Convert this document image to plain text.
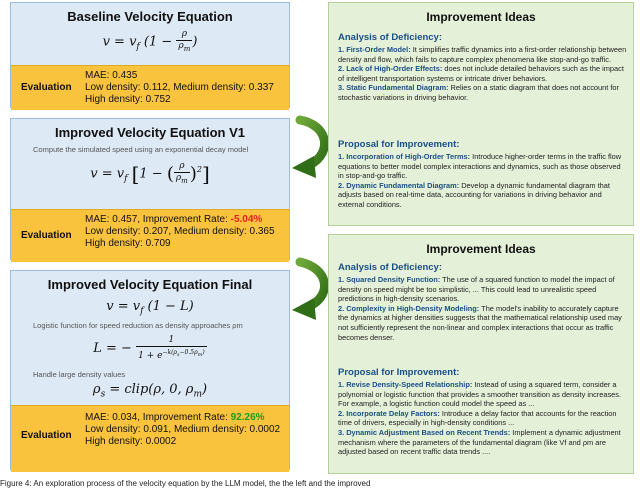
Baseline Velocity Equation
$v = v_f$ ($1 - \frac{\rho}{\rho_m}$ )
Evaluation
MAE: 0.435
Low density: 0.112, Medium density: 0.337
High density: 0.752
Improved Velocity Equation V1
Compute the simulated speed using an exponential decay model
$v = v_f$ [1 − ( $\frac{\rho}{\rho_m} )^2$]
Evaluation
MAE: 0.457, Improvement Rate: -5.04%
Low density: 0.207, Medium density: 0.365
High density: 0.709
Improved Velocity Equation Final
$v = v_f$ (1 − L)
Logistic function for speed reduction as density approaches ρm
L = − $\frac{1}{1 + e^{-k(\rho_s-0.5\rho_m)}}$
Handle large density values
$\rho_s$ = clip(ρ, 0, $\rho_m$)
Evaluation
MAE: 0.034, Improvement Rate: 92.26%
Low density: 0.091, Medium density: 0.0002
High density: 0.0002
Improvement Ideas
Analysis of Deficiency:
1. First-Order Model: It simplifies traffic dynamics into a first-order relationship between density and flow, which fails to capture complex phenomena like stop-and-go traffic.
2. Lack of High-Order Effects: does not include detailed behaviors such as the impact of intelligent transportation systems or intricate driver behaviors.
3. Static Fundamental Diagram: Relies on a static diagram that does not account for stochastic variations in driving behavior.
Proposal for Improvement:
1. Incorporation of High-Order Terms: Introduce higher-order terms in the traffic flow equations to better model complex interactions and dynamics, such as those observed in stop-and-go traffic.
2. Dynamic Fundamental Diagram: Develop a dynamic fundamental diagram that adjusts based on real-time data, accounting for variations in driving behavior and external conditions.
Improvement Ideas
Analysis of Deficiency:
1. Squared Density Function: The use of a squared function to model the impact of density on speed might be too simplistic, ... This could lead to unrealistic speed predictions in high-density scenarios.
2. Complexity in High-Density Modeling: The model's inability to accurately capture the dynamics at higher densities suggests that the mathematical relationship used may not sufficiently represent the non-linear and complex interactions that occur as traffic becomes denser.
Proposal for Improvement:
1. Revise Density-Speed Relationship: Instead of using a squared term, consider a polynomial or logistic function that provides a smoother transition as density increases. For example, a logistic function could model the speed as ...
2. Incorporate Delay Factors: Introduce a delay factor that accounts for the reaction time of drivers, especially in high-density conditions ...
3. Dynamic Adjustment Based on Recent Trends: Implement a dynamic adjustment mechanism where the parameters of the fundamental diagram (like Vf and ρm are adjusted based on recent traffic data trends ....
Figure 4: An exploration process of the velocity equation by the LLM model, the the left and the improved
